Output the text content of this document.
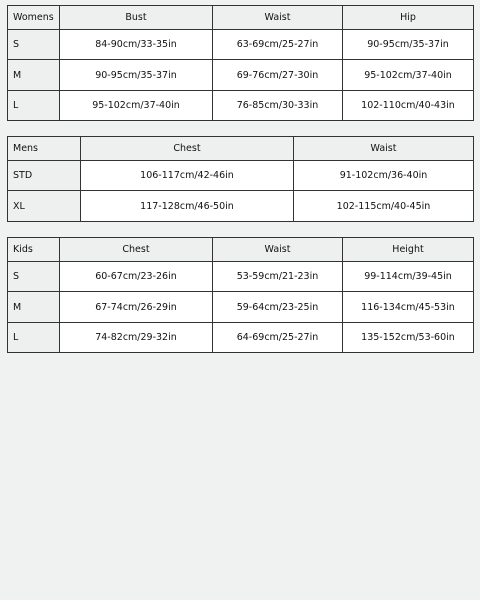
Womens	Bust	Waist	Hip
S	84-90cm/33-35in	63-69cm/25-27in	90-95cm/35-37in
M	90-95cm/35-37in	69-76cm/27-30in	95-102cm/37-40in
L	95-102cm/37-40in	76-85cm/30-33in	102-110cm/40-43in
Mens	Chest	Waist
STD	106-117cm/42-46in	91-102cm/36-40in
XL	117-128cm/46-50in	102-115cm/40-45in
Kids	Chest	Waist	Height
S	60-67cm/23-26in	53-59cm/21-23in	99-114cm/39-45in
M	67-74cm/26-29in	59-64cm/23-25in	116-134cm/45-53in
L	74-82cm/29-32in	64-69cm/25-27in	135-152cm/53-60in
